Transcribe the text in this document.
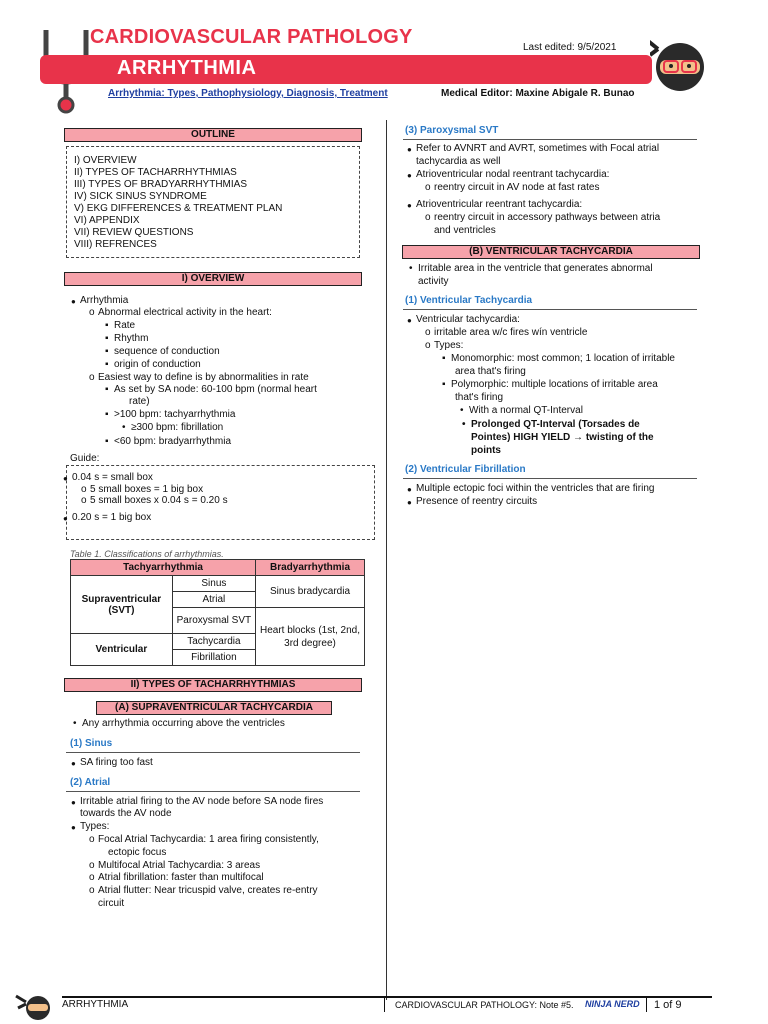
CARDIOVASCULAR PATHOLOGY	Last edited: 9/5/2021
ARRHYTHMIA
Arrhythmia: Types, Pathophysiology, Diagnosis, Treatment	Medical Editor: Maxine Abigale R. Bunao
OUTLINE
I) OVERVIEW
II) TYPES OF TACHARRHYTHMIAS
III) TYPES OF BRADYARRHYTHMIAS
IV) SICK SINUS SYNDROME
V) EKG DIFFERENCES & TREATMENT PLAN
VI) APPENDIX
VII) REVIEW QUESTIONS
VIII) REFRENCES
I) OVERVIEW
● Arrhythmia
o Abnormal electrical activity in the heart:
▪ Rate
▪ Rhythm
▪ sequence of conduction
▪ origin of conduction
o Easiest way to define is by abnormalities in rate
▪ As set by SA node: 60-100 bpm (normal heart
rate)
▪ >100 bpm: tachyarrhythmia
• ≥300 bpm: fibrillation
▪ <60 bpm: bradyarrhythmia
Guide:
● 0.04 s = small box
o 5 small boxes = 1 big box
o 5 small boxes x 0.04 s = 0.20 s
● 0.20 s = 1 big box
Table 1. Classifications of arrhythmias.
Tachyarrhythmia		Bradyarrhythmia
Supraventricular (SVT)	Sinus	Sinus bradycardia
	Atrial	
	Paroxysmal SVT	Heart blocks (1st, 2nd, 3rd degree)
Ventricular	Tachycardia	
	Fibrillation	
II) TYPES OF TACHARRHYTHMIAS
(A) SUPRAVENTRICULAR TACHYCARDIA
• Any arrhythmia occurring above the ventricles
(1) Sinus
● SA firing too fast
(2) Atrial
● Irritable atrial firing to the AV node before SA node fires
towards the AV node
● Types:
o Focal Atrial Tachycardia: 1 area firing consistently,
ectopic focus
o Multifocal Atrial Tachycardia: 3 areas
o Atrial fibrillation: faster than multifocal
o Atrial flutter: Near tricuspid valve, creates re-entry
circuit
(3) Paroxysmal SVT
● Refer to AVNRT and AVRT, sometimes with Focal atrial
tachycardia as well
● Atrioventricular nodal reentrant tachycardia:
o reentry circuit in AV node at fast rates
● Atrioventricular reentrant tachycardia:
o reentry circuit in accessory pathways between atria
and ventricles
(B) VENTRICULAR TACHYCARDIA
• Irritable area in the ventricle that generates abnormal
activity
(1) Ventricular Tachycardia
● Ventricular tachycardia:
o irritable area w/c fires wín ventricle
o Types:
▪ Monomorphic: most common; 1 location of irritable
area that's firing
▪ Polymorphic: multiple locations of irritable area
that's firing
• With a normal QT-Interval
• Prolonged QT-Interval (Torsades de
Pointes) HIGH YIELD → twisting of the
points
(2) Ventricular Fibrillation
● Multiple ectopic foci within the ventricles that are firing
● Presence of reentry circuits
ARRHYTHMIA	CARDIOVASCULAR PATHOLOGY: Note #5. NINJA NERD 1 of 9
